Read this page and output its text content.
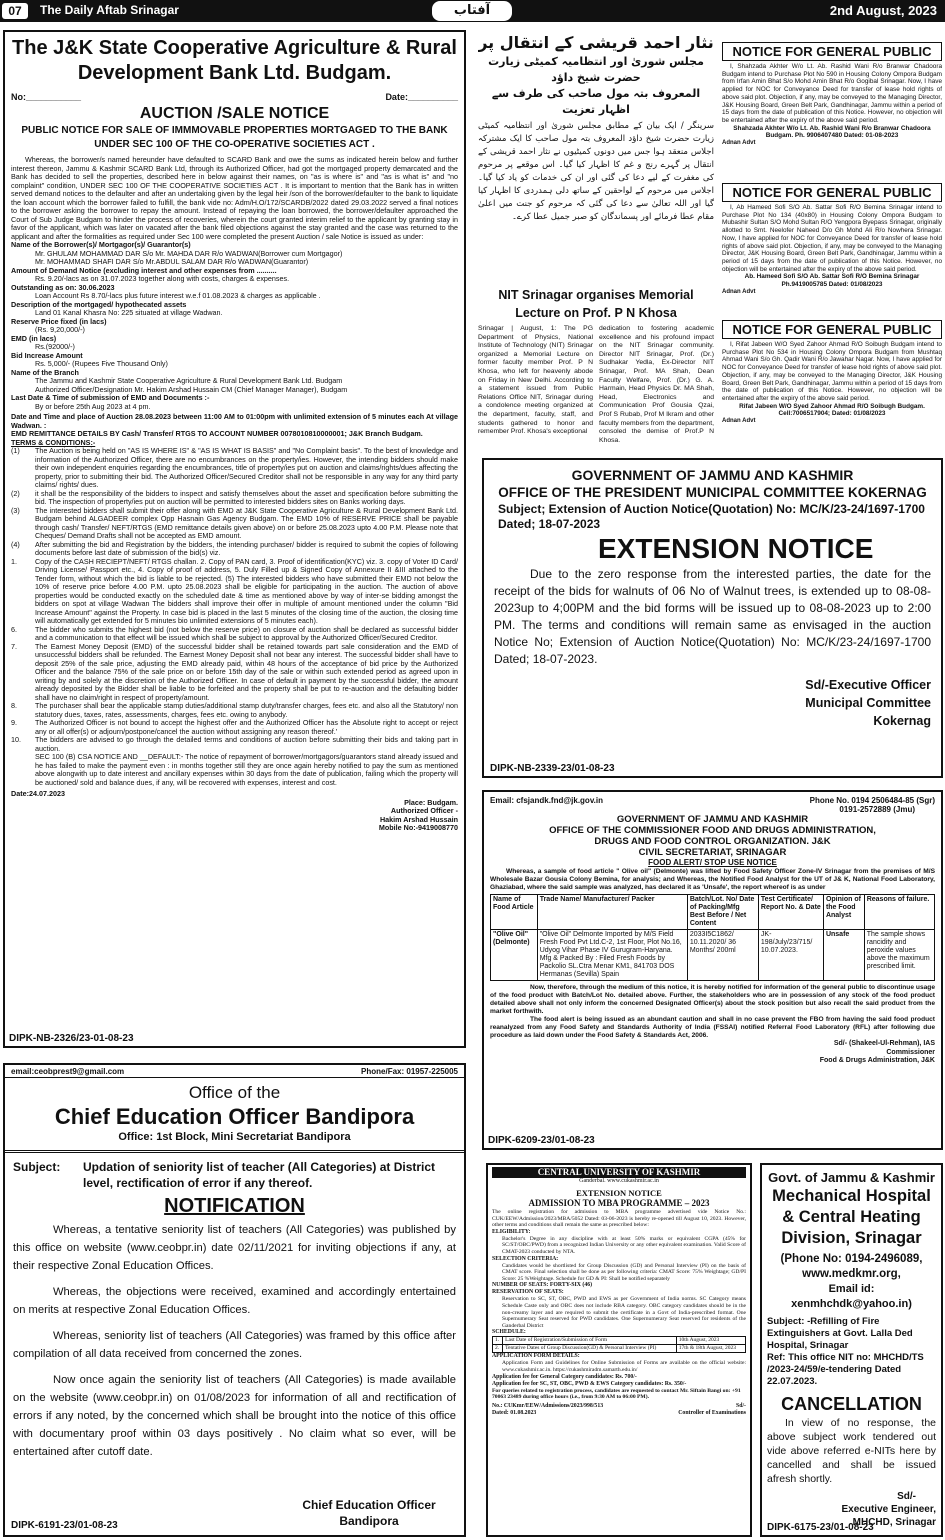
07	The Daily Aftab Srinagar	آفتاب	2nd August, 2023
The J&K State Cooperative Agriculture & Rural
Development Bank Ltd. Budgam.
No:___________	Date:__________
AUCTION /SALE NOTICE
PUBLIC NOTICE FOR SALE OF IMMMOVABLE PROPERTIES MORTGAGED TO THE BANK UNDER SEC 100 OF THE CO-OPERATIVE SOCIETIES ACT .
Whereas, the borrower/s named hereunder have defaulted to SCARD Bank and owe the sums as indicated herein below and further interest thereon, Jammu & Kashmir SCARD Bank Ltd, through its Authorized Officer, had got the mortgaged property demarcated and the Bank has decided to sell the properties, described here in below against their names, on "as is where is" and "as is what is" and "no complaint" condition, UNDER SEC 100 OF THE COOPERATIVE SOCIETIES ACT . It is important to mention that the Bank has in written served demand notices to the defaulter and after an undertaking given by the legal heir /son of the borrower/defaulter to the bank to liquidate the loan account which the borrower failed to fulfill, the bank vide no: Adm/H.O/172/SCARDB/2022 dated 29.03.2022 served a final notices to the borrower asking the borrower to repay the amount. Instead of repaying the loan borrowed, the borrower/defaulter approached the Court of Sub Judge Budgam to hinder the process of recoveries, wherein the court granted interim relief to the applicant by granting stay in favor of the applicant, which was later on vacated after the bank filed objections against the stay granted and the case was returned to the applicant and after the formalities as required under Sec 100 were completed the present Auction / sale Notice is issued as under:
Name of the Borrower(s)/ Mortgagor(s)/ Guarantor(s)
Mr. GHULAM MOHAMMAD DAR S/o Mr. MAHDA DAR R/o WADWAN(Borrower cum Mortgagor)
Mr. MOHAMMAD SHAFI DAR S/o Mr.ABDUL SALAM DAR R/o WADWAN(Guarantor)
Amount of Demand Notice (excluding interest and other expenses from ..........
Rs. 9.20/-lacs as on 31.07.2023 together along with costs, charges & expenses.
Outstanding as on: 30.06.2023
Loan Account Rs 8.70/-lacs plus future interest w.e.f 01.08.2023 & charges as applicable .
Description of the mortgaged/ hypothecated assets
Land 01 Kanal Khasra No: 225 situated at village Wadwan.
Reserve Price fixed (in lacs)
(Rs. 9,20,000/-)
EMD (in lacs)
Rs.(92000/-)
Bid Increase Amount
Rs. 5,000/- (Rupees Five Thousand Only)
Name of the Branch
The Jammu and Kashmir State Cooperative Agriculture & Rural Development Bank Ltd. Budgam
Authorized Officer/Designation Mr. Hakim Arshad Hussain CM (Chief Manager Manager), Budgam
Last Date & Time of submission of EMD and Documents :-
By or before 25th Aug 2023 at 4 pm.
Date and Time and place of Auction 28.08.2023 between 11:00 AM to 01:00pm with unlimited extension of 5 minutes each At village Wadwan. :
EMD REMITTANCE DETAILS BY Cash/ Transfer/ RTGS TO ACCOUNT NUMBER 0078010810000001; J&K Branch Budgam.
TERMS & CONDITIONS:-
(1)	The Auction is being held on "AS IS WHERE IS" & "AS IS WHAT IS BASIS" and "No Complaint basis". To the best of knowledge and information of the Authorized Officer, there are no encumbrances on the property/ies. However, the intending bidders should make their own independent enquiries regarding the encumbrances, title of property/ies put on auction and claims/rights/dues affecting the property, prior to submitting their bid. The Authorized Officer/Secured Creditor shall not be responsible in any way for any third party claims/ rights/ dues.
(2)	it shall be the responsibility of the bidders to inspect and satisfy themselves about the asset and specification before submitting the bid. The inspection of property/ies put on auction will be permitted to interested bidders sites on Banks working days.
(3)	The interested bidders shall submit their offer along with EMD at J&K State Cooperative Agriculture & Rural Development Bank Ltd. Budgam behind ALGADEER complex Opp Hasnain Gas Agency Budgam. The EMD 10% of RESERVE PRICE shall be payable through cash/ Transfer/ NEFT/RTGS (EMD remittance details given above) on or before 25.08.2023 upto 4.00 P.M. Please note that Cheques/ Demand Drafts shall not be accepted as EMD amount.
(4)	After submitting the bid and Registration by the bidders, the intending purchaser/ bidder is required to submit the copies of following documents before last date of submission of the bid(s) viz.
1.	Copy of the CASH RECIEPT/NEFT/ RTGS challan. 2. Copy of PAN card, 3. Proof of identification(KYC) viz. 3. copy of Voter ID Card/ Driving License/ Passport etc., 4. Copy of proof of address, 5. Duly Filled up & Signed Copy of Annexure II &III attached to the Tender form, without which the bid is liable to be rejected. (5) The interested bidders who have submitted their EMD not below the 10% of reserve price before 4.00 P.M. upto 25.08.2023 shall be eligible for participating in the auction. The auction of above properties would be conducted exactly on the scheduled date & time as mentioned above by way of inter-se bidding amongst the bidders on spot at village Wadwan The bidders shall improve their offer in multiple of amount mentioned under the column "Bid Increase Amount" against the Property. In case bid is placed in the last 5 minutes of the closing time of the auction, the closing time will automatically get extended for 5 minutes bio unlimited extensions of 5 minutes each).
6.	The bidder who submits the highest bid (not below the reserve price) on closure of auction shall be declared as successful bidder and a communication to that effect will be issued which shall be subject to approval by the Authorized Officer/Secured Creditor.
7.	The Earnest Money Deposit (EMD) of the successful bidder shall be retained towards part sale consideration and the EMD of unsuccessful bidders shall be refunded. The Earnest Money Deposit shall not bear any interest. The successful bidder shall have to deposit 25% of the sale price, adjusting the EMD already paid, within 48 hours of the acceptance of bid price by the Authorized Officer and the balance 75% of the sale price on or before 15th day of the sale or within such extended period as agreed upon in writing by and solely at the discretion of the Authorized Officer. In case of default in payment by the successful bidder, the amount already deposited by the Bidder shall be liable to be forfeited and the property shall be put to re-auction and the defaulting bidder shall have no claim/right in respect of property/amount.
8.	The purchaser shall bear the applicable stamp duties/additional stamp duty/transfer charges, fees etc. and also all the Statutory/ non statutory dues, taxes, rates, assessments, charges, fees etc. owing to anybody.
9.	The Authorized Officer is not bound to accept the highest offer and the Authorized Officer has the Absolute right to accept or reject any or all offer(s) or adjourn/postpone/cancel the auction without assigning any reason thereof.'
10.	The bidders are advised to go through the detailed terms and conditions of auction before submitting their bids and taking part in auction.
SEC 100 (B) CSA NOTICE AND __DEFAULT:- The notice of repayment of borrower/mortgagors/guarantors stand already issued and he has failed to make the payment even : in months together still they are once again hereby notified to pay the sum as mentioned above alongwith up to date interest and ancillary expenses within 30 days from the date of publication, failing which the property will be auctioned/ sold and balance dues, if any, will be recovered with expenses, interest and cost.
Date:24.07.2023
Place: Budgam.
Authorized Officer -
Hakim Arshad Hussain
Mobile No:-9419008770
DIPK-NB-2326/23-01-08-23
نثار احمد قریشی کے انتقال پر
مجلس شوریٰ اور انتظامیہ کمیٹی زیارت حضرت شیخ داؤد
المعروف بتہ مول صاحب کی طرف سے اظہار تعزیت
سرینگر / ایک بیان کے مطابق مجلس شوریٰ اور انتظامیہ کمیٹی زیارت حضرت شیخ داؤد المعروف بتہ مول صاحب کا ایک مشترکہ اجلاس منعقد ہوا جس میں دونوں کمیٹیوں نے نثار احمد قریشی کے انتقال پر گہرے رنج و غم کا اظہار کیا گیا۔ اس موقعے پر مرحوم کی مغفرت کے لیے دعا کی گئی اور ان کی خدمات کو یاد کیا گیا۔ اجلاس میں مرحوم کے لواحقین کے ساتھ دلی ہمدردی کا اظہار کیا گیا اور اللہ تعالیٰ سے دعا کی گئی کہ مرحوم کو جنت میں اعلیٰ مقام عطا فرمائے اور پسماندگان کو صبر جمیل عطا کرے۔
NIT Srinagar organises Memorial
Lecture on Prof. P N Khosa
Srinagar | August, 1: The PG Department of Physics, National Institute of Technology (NIT) Srinagar organized a Memorial Lecture on former faculty member Prof. P N Khosa, who left for heavenly abode on Friday in New Delhi. According to a statement issued from Public Relations Office NIT, Srinagar during a condolence meeting organized at the department, faculty, staff, and students gathered to honor and remember Prof. Khosa's exceptional
dedication to fostering academic excellence and his profound impact on the NIT Srinagar community. Director NIT Srinagar, Prof. (Dr.) Sudhakar Yedla, Ex-Director NIT Srinagar, Prof. MA Shah, Dean Faculty Welfare, Prof. (Dr.) G. A. Harmain, Head Physics Dr. MA Shah, Head, Electronics and Communication Prof Gousia Qzai, Prof S Rubab, Prof M Ikram and other faculty members from the department, consoled the demise of Prof.P N Khosa.
NOTICE FOR GENERAL PUBLIC
I, Shahzada Akhter W/o Lt. Ab. Rashid Wani R/o Branwar Chadoora Budgam intend to Purchase Plot No 590 in Housing Colony Ompora Budgam from Irfan Amin Bhat S/o Mohd Amin Bhat R/o Gogibal Srinagar. Now, I have applied for NOC for Conveyance Deed for transfer of lease hold rights of above said plot. Objection, if any, may be conveyed to the Managing Director, J&K Housing Board, Green Belt Park, Gandhinagar, Jammu within a period of 15 days from the date of publication of this Notice. However, no objection will be entertained after the expiry of the above said period.
Shahzada Akhter W/o Lt. Ab. Rashid Wani R/o Branwar Chadoora Budgam. Ph. 9906407480 Dated: 01-08-2023
Adnan Advt
NOTICE FOR GENERAL PUBLIC
I, Ab Hameed Sofi S/O Ab. Sattar Sofi R/O Bemina Srinagar intend to Purchase Plot No 134 (40x80) in Housing Colony Ompora Budgam to Mubashir Sultan S/O Mohd Sultan R/O Yengpora Byepass Srinagar, originally allotted to Smt. Neelofer Naheed D/o Gh Mohd Ali R/o Nowhera Srinagar. Now, I have applied for NOC for Conveyance Deed for transfer of lease hold rights of above said plot. Objection, if any, may be conveyed to the Managing Director, J&K Housing Board, Green Belt Park, Gandhinagar, Jammu within a period of 15 days from the date of publication of this Notice. However, no objection will be entertained after the expiry of the above said period.
Ab. Hameed Sofi S/O Ab. Sattar Sofi R/O Bemina Srinagar Ph.9419005785 Dated: 01/08/2023
Adnan Advt
NOTICE FOR GENERAL PUBLIC
I, Rifat Jabeen W/O Syed Zahoor Ahmad R/O Soibugh Budgam intend to Purchase Plot No 534 in Housing Colony Ompora Budgam from Mushtaq Ahmad Wani S/o Gh. Qadir Wani R/o Jawahar Nagar. Now, I have applied for NOC for Conveyance Deed for transfer of lease hold rights of above said plot. Objection, if any, may be conveyed to the Managing Director, J&K Housing Board, Green Belt Park, Gandhinagar, Jammu within a period of 15 days from the date of publication of this Notice. However, no objection will be entertained after the expiry of the above said period.
Rifat Jabeen W/O Syed Zahoor Ahmad R/O Soibugh Budgam. Cell:7006517904; Dated: 01/08/2023
Adnan Advt
GOVERNMENT OF JAMMU AND KASHMIR
OFFICE OF THE PRESIDENT MUNICIPAL COMMITTEE KOKERNAG
Subject; Extension of Auction Notice(Quotation) No: MC/K/23-24/1697-1700 Dated; 18-07-2023
EXTENSION NOTICE
Due to the zero response from the interested parties, the date for the receipt of the bids for walnuts of 06 No of Walnut trees, is extended up to 08-08-2023up to 4;00PM and the bid forms will be issued up to 08-08-2023 up to 2:00 PM. The terms and conditions will remain same as envisaged in the auction Notice No; Extension of Auction Notice(Quotation) No: MC/K/23-24/1697-1700 Dated; 18-07-2023.
Sd/-Executive Officer
Municipal Committee
Kokernag
DIPK-NB-2339-23/01-08-23
Email: cfsjandk.fnd@jk.gov.in	Phone No. 0194 2506484-85 (Sgr)
0191-2572889 (Jmu)
GOVERNMENT OF JAMMU AND KASHMIR
OFFICE OF THE COMMISSIONER FOOD AND DRUGS ADMINISTRATION,
DRUGS AND FOOD CONTROL ORGANIZATION. J&K
CIVIL SECRETARIAT, SRINAGAR
FOOD ALERT/ STOP USE NOTICE
Whereas, a sample of food article " Olive oil" (Delmonte) was lifted by Food Safety Officer Zone-IV Srinagar from the premises of M/S Wholesale Bazar Gousia Colony Bemina, for analysis; and Whereas, the Notified Food Analyst for the UT of J& K, National Food Laboratory, Ghaziabad, where the said sample was analyzed, has declared it as 'Unsafe', the report whereof is as under
Name of Food Article	Trade Name/ Manufacturer/ Packer	Batch/Lot. No/ Date of Packing/Mfg Best Before / Net Content	Test Certificate/ Report No. & Date	Opinion of the Food Analyst	Reasons of failure.
"Olive Oil" (Delmonte)	"Olive Oil" Delmonte Imported by M/S Field Fresh Food Pvt Ltd.C-2, 1st Floor, Plot No.16, Udyog Vihar Phase IV Gurugram-Haryana. Mfg & Packed By : Filed Fresh Foods by Packolio SL.Ctra Menar KM1, 841703 DOS Hermanas (Sevilla) Spain	2033I5C1862/ 10.11.2020/ 36 Months/ 200ml	JK-198/July/23/715/ 10.07.2023.	Unsafe	The sample shows rancidity and peroxide values above the maximum prescribed limit.
Now, therefore, through the medium of this notice, it is hereby notified for information of the general public to discontinue usage of the food product with Batch/Lot No. detailed above. Further, the stakeholders who are in possession of any stock of the food product detailed above shall not only inform the concerned Designated Officer(s) about the stock position but also recall the said product from the market forthwith.
The food alert is being issued as an abundant caution and shall in no case prevent the FBO from having the said food product reanalyzed from any Food Safety and Standards Authority of India (FSSAI) notified Referral Food Laboratory (RFL) after following due procedure as laid down under the Food Safety & Standards Act, 2006.
Sd/- (Shakeel-Ul-Rehman), IAS
Commissioner
Food & Drugs Administration, J&K
DIPK-6209-23/01-08-23
email:ceobprest9@gmail.com	Phone/Fax: 01957-225005
Office of the
Chief Education Officer Bandipora
Office: 1st Block, Mini Secretariat Bandipora
Subject:	Updation of seniority list of teacher (All Categories) at District level, rectification of error if any thereof.
NOTIFICATION
Whereas, a tentative seniority list of teachers (All Categories) was published by this office on website (www.ceobpr.in) date 02/11/2021 for inviting objections if any, at their respective Zonal Education Offices.
Whereas, the objections were received, examined and accordingly entertained on merits at respective Zonal Education Offices.
Whereas, seniority list of teachers (All Categories) was framed by this office after compilation of all data received from concerned the zones.
Now once again the seniority list of teachers (All Categories) is made available on the website (www.ceobpr.in) on 01/08/2023 for information of all and rectification of errors if any noted, by the concerned which shall be brought into the notice of this office with documentary proof within 03 days positively . No claim what so ever, will be entertained after cutoff date.
Chief Education Officer
Bandipora
DIPK-6191-23/01-08-23
CENTRAL UNIVERSITY OF KASHMIR
Ganderbal. www.cukashmir.ac.in
EXTENSION NOTICE
ADMISSION TO MBA PROGRAMME – 2023
The online registration for admission to MBA programme advertised vide Notice No.: CUK/EEW/Admission/2023/MBA/5052 Dated: 03-06-2023 is hereby re-opened till August 10, 2023. However, other terms and conditions shall remain the same as prescribed below:
ELIGIBILITY:
Bachelor's Degree in any discipline with at least 50% marks or equivalent CGPA (45% for SC/ST/OBC/PWD) from a recognized Indian University or any other equivalent examination. Valid Score of CMAT-2023 conducted by NTA.
SELECTION CRITERIA:
Candidates would be shortlisted for Group Discussion (GD) and Personal Interview (PI) on the basis of CMAT score. Final selection shall be done as per following criteria: CMAT Score: 75% Weightage; GD/PI Score: 25 %Weightage. Schedule for GD & PI: Shall be notified separately
NUMBER OF SEATS: FORTY-SIX (46)
RESERVATION OF SEATS:
Reservation to SC, ST, OBC, PWD and EWS as per Government of India norms. SC Category means Schedule Caste only and OBC does not include RBA category. OBC category candidates should be in the non-creamy layer and are required to submit the certificate in a Govt of India-prescribed format. One Supernumerary Seat reserved for PWD candidates. One Supernumerary Seat reserved for residents of the Ganderbal District
SCHEDULE:
1.	Last Date of Registration/Submission of Form	10th August, 2023
2.	Tentative Dates of Group Discussion(GD) & Personal Interview (PI)	17th & 18th August, 2023
APPLICATION FORM DETAILS:
Application Form and Guidelines for Online Submission of Forms are available on the official website: www.cukashmir.ac.in. https://cukashmiradm.samarth.edu.in/
Application fee for General Category candidates: Rs. 700/-
Application fee for SC, ST, OBC, PWD & EWS Category candidates: Rs. 350/-
For queries related to registration process, candidates are requested to contact Mr. Siftain Bangi on: +91 70063 23489 during office hours (i.e., from 9:30 AM to 06:00 PM).
No.: CUKmr/EEW/Admissions/2023/998/513	Sd/-
Dated: 01.08.2023	Controller of Examinations
Govt. of Jammu & Kashmir
Mechanical Hospital
& Central Heating
Division, Srinagar
(Phone No: 0194-2496089,
www.medkmr.org,
Email id: xenmhchdk@yahoo.in)
Subject: -Refilling of Fire Extinguishers at Govt. Lalla Ded Hospital, Srinagar
Ref: This office NIT no: MHCHD/TS /2023-24/59/e-tendering Dated 22.07.2023.
CANCELLATION
In view of no response, the above subject work tendered out vide above referred e-NITs here by cancelled and shall be issued afresh shortly.
Sd/-
Executive Engineer,
MHCHD, Srinagar
DIPK-6175-23/01-08-23
